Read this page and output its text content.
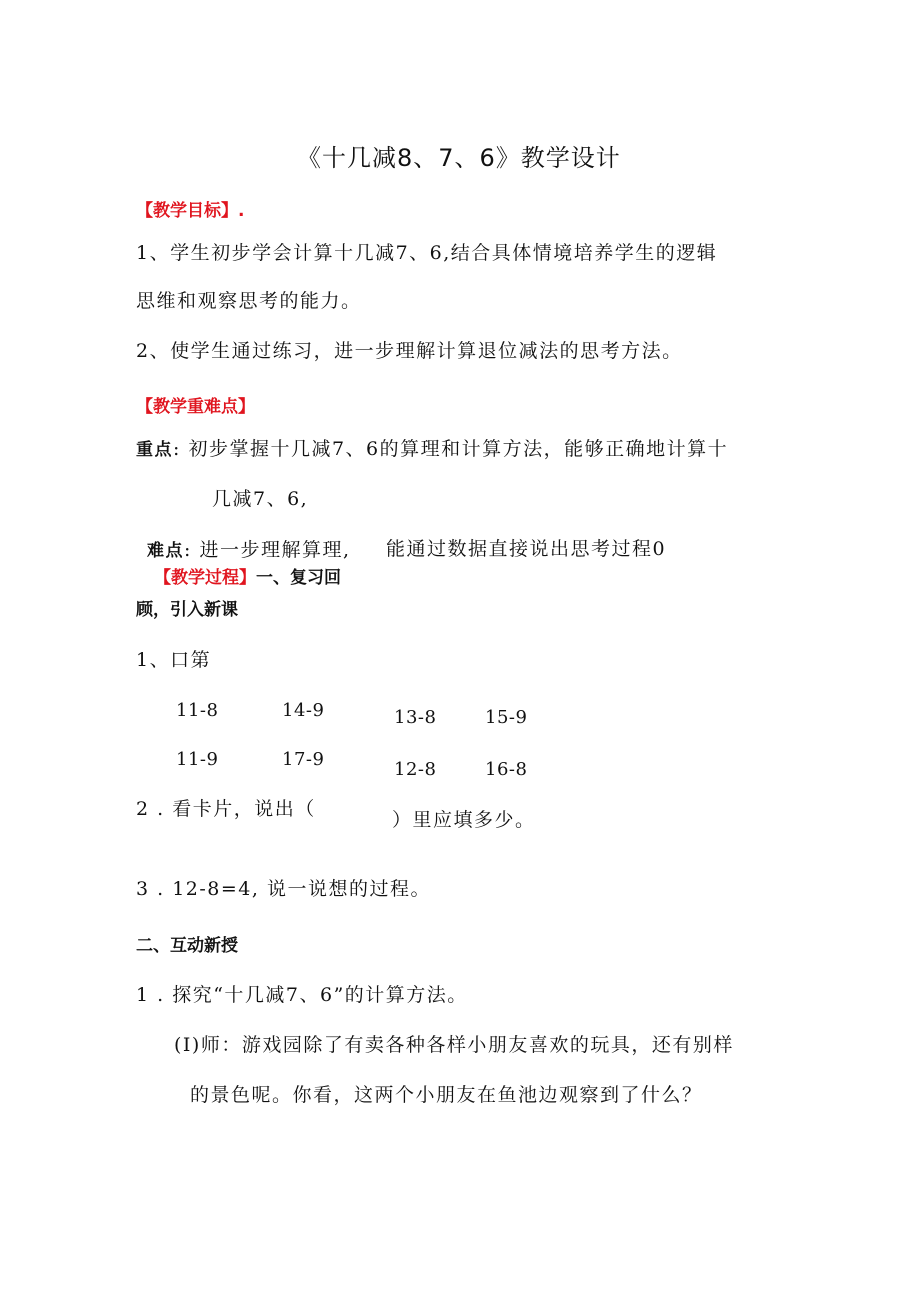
《十几减8、7、6》教学设计
【教学目标】.
1、学生初步学会计算十几减7、6,结合具体情境培养学生的逻辑
思维和观察思考的能力。
2、使学生通过练习，进一步理解计算退位减法的思考方法。
【教学重难点】
重点: 初步掌握十几减7、6的算理和计算方法，能够正确地计算十
几减7、6,
难点: 进一步理解算理, 能通过数据直接说出思考过程0
【教学过程】一、复习回
顾，引入新课
1、口第
11-8	14-9	13-8	15-9
11-9	17-9	12-8	16-8
2 . 看卡片，说出（	）里应填多少。
3 . 12-8=4, 说一说想的过程。
二、互动新授
1 . 探究“十几减7、6”的计算方法。
(I)师：游戏园除了有卖各种各样小朋友喜欢的玩具，还有别样
的景色呢。你看，这两个小朋友在鱼池边观察到了什么？
